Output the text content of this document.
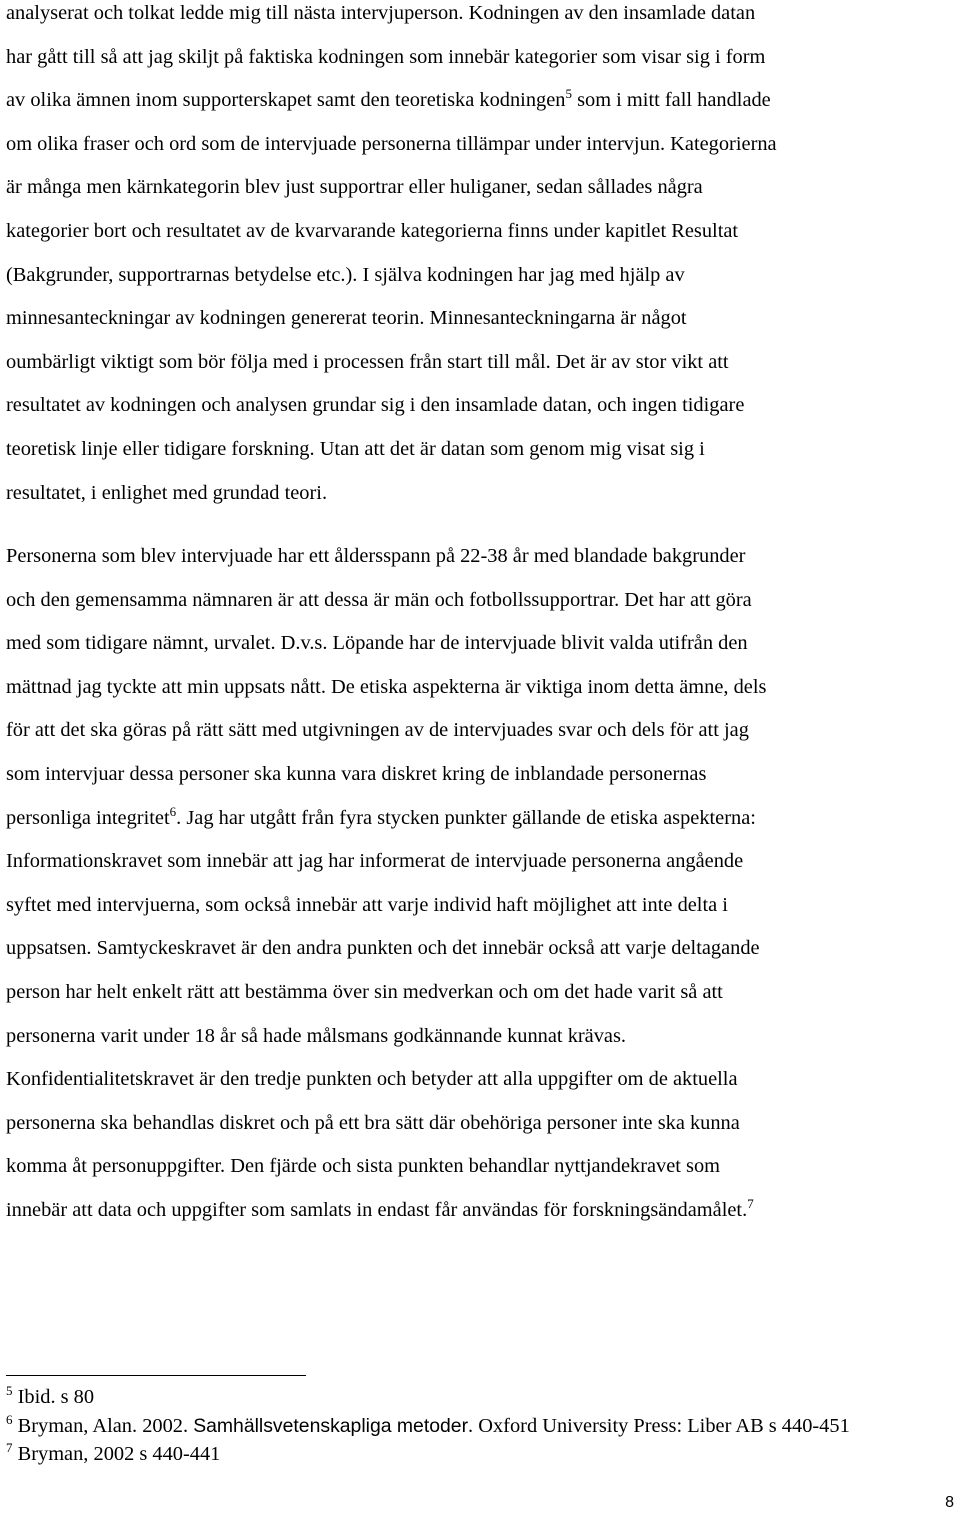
analyserat och tolkat ledde mig till nästa intervjuperson. Kodningen av den insamlade datan
har gått till så att jag skiljt på faktiska kodningen som innebär kategorier som visar sig i form
av olika ämnen inom supporterskapet samt den teoretiska kodningen$^5$ som i mitt fall handlade
om olika fraser och ord som de intervjuade personerna tillämpar under intervjun. Kategorierna
är många men kärnkategorin blev just supportrar eller huliganer, sedan sållades några
kategorier bort och resultatet av de kvarvarande kategorierna finns under kapitlet Resultat
(Bakgrunder, supportrarnas betydelse etc.). I själva kodningen har jag med hjälp av
minnesanteckningar av kodningen genererat teorin. Minnesanteckningarna är något
oumbärligt viktigt som bör följa med i processen från start till mål. Det är av stor vikt att
resultatet av kodningen och analysen grundar sig i den insamlade datan, och ingen tidigare
teoretisk linje eller tidigare forskning. Utan att det är datan som genom mig visat sig i
resultatet, i enlighet med grundad teori.
Personerna som blev intervjuade har ett åldersspann på 22-38 år med blandade bakgrunder
och den gemensamma nämnaren är att dessa är män och fotbollssupportrar. Det har att göra
med som tidigare nämnt, urvalet. D.v.s. Löpande har de intervjuade blivit valda utifrån den
mättnad jag tyckte att min uppsats nått. De etiska aspekterna är viktiga inom detta ämne, dels
för att det ska göras på rätt sätt med utgivningen av de intervjuades svar och dels för att jag
som intervjuar dessa personer ska kunna vara diskret kring de inblandade personernas
personliga integritet$^6$. Jag har utgått från fyra stycken punkter gällande de etiska aspekterna:
Informationskravet som innebär att jag har informerat de intervjuade personerna angående
syftet med intervjuerna, som också innebär att varje individ haft möjlighet att inte delta i
uppsatsen. Samtyckeskravet är den andra punkten och det innebär också att varje deltagande
person har helt enkelt rätt att bestämma över sin medverkan och om det hade varit så att
personerna varit under 18 år så hade målsmans godkännande kunnat krävas.
Konfidentialitetskravet är den tredje punkten och betyder att alla uppgifter om de aktuella
personerna ska behandlas diskret och på ett bra sätt där obehöriga personer inte ska kunna
komma åt personuppgifter. Den fjärde och sista punkten behandlar nyttjandekravet som
innebär att data och uppgifter som samlats in endast får användas för forskningsändamålet.$^7$
$^5$ Ibid. s 80
$^6$ Bryman, Alan. 2002. Samhällsvetenskapliga metoder. Oxford University Press: Liber AB s 440-451
$^7$ Bryman, 2002 s 440-441
8
